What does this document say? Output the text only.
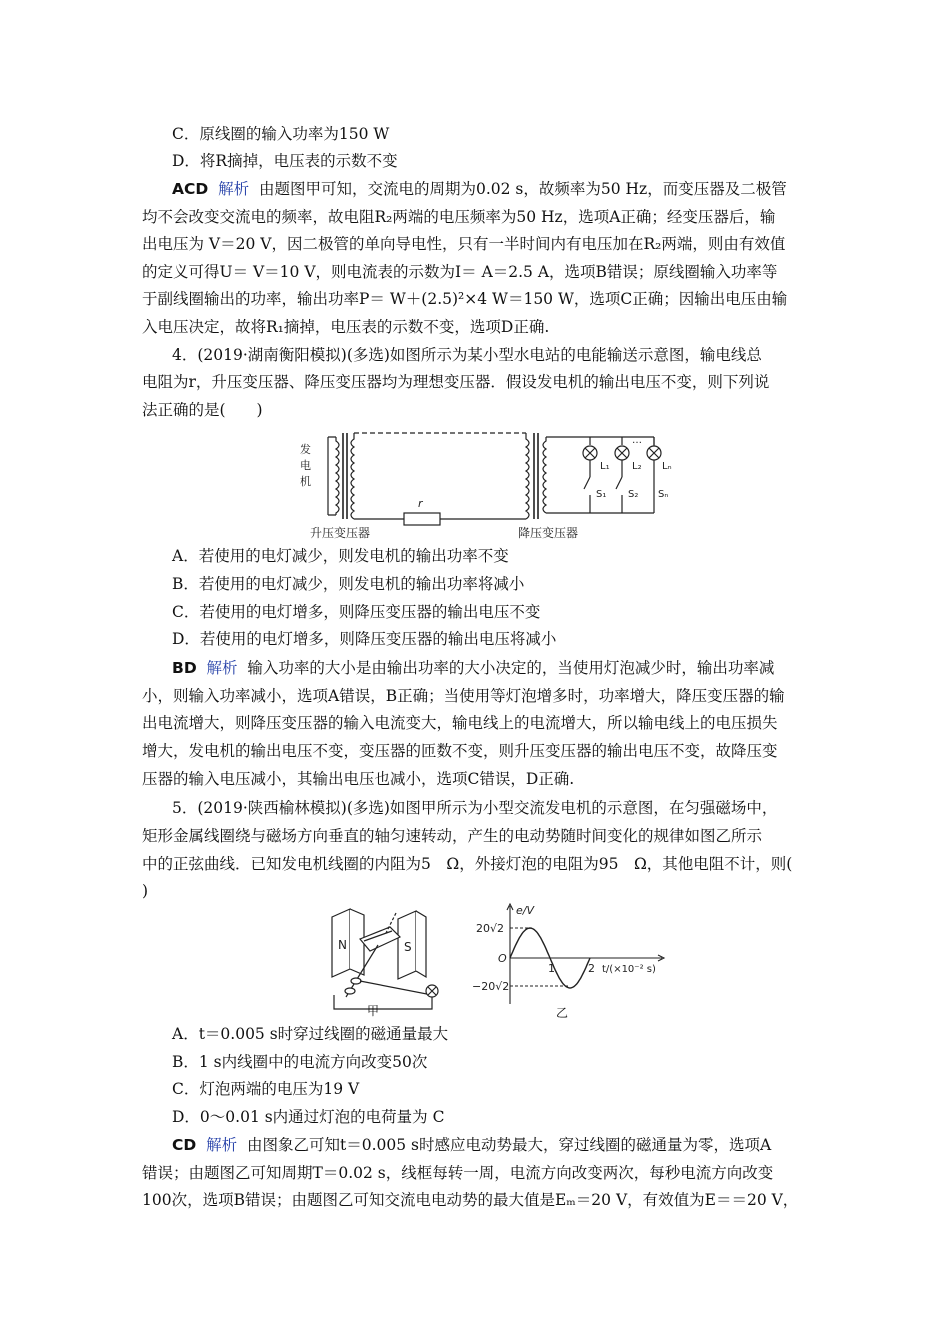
C．原线圈的输入功率为150 W
D．将R摘掉，电压表的示数不变
ACD 解析 由题图甲可知，交流电的周期为0.02 s，故频率为50 Hz，而变压器及二极管
均不会改变交流电的频率，故电阻R₂两端的电压频率为50 Hz，选项A正确；经变压器后，输
出电压为 V＝20 V，因二极管的单向导电性，只有一半时间内有电压加在R₂两端，则由有效值
的定义可得U＝ V＝10 V，则电流表的示数为I＝ A＝2.5 A，选项B错误；原线圈输入功率等
于副线圈输出的功率，输出功率P＝ W＋(2.5)²×4 W＝150 W，选项C正确；因输出电压由输
入电压决定，故将R₁摘掉，电压表的示数不变，选项D正确.
4．(2019·湖南衡阳模拟)(多选)如图所示为某小型水电站的电能输送示意图，输电线总
电阻为r，升压变压器、降压变压器均为理想变压器．假设发电机的输出电压不变，则下列说
法正确的是(　　)
发
电
机
r
升压变压器	降压变压器
L₁ L₂ Lₙ
S₁ S₂ Sₙ
…
A．若使用的电灯减少，则发电机的输出功率不变
B．若使用的电灯减少，则发电机的输出功率将减小
C．若使用的电灯增多，则降压变压器的输出电压不变
D．若使用的电灯增多，则降压变压器的输出电压将减小
BD 解析 输入功率的大小是由输出功率的大小决定的，当使用灯泡减少时，输出功率减
小，则输入功率减小，选项A错误，B正确；当使用等灯泡增多时，功率增大，降压变压器的输
出电流增大，则降压变压器的输入电流变大，输电线上的电流增大，所以输电线上的电压损失
增大，发电机的输出电压不变，变压器的匝数不变，则升压变压器的输出电压不变，故降压变
压器的输入电压减小，其输出电压也减小，选项C错误，D正确.
5．(2019·陕西榆林模拟)(多选)如图甲所示为小型交流发电机的示意图，在匀强磁场中，
矩形金属线圈绕与磁场方向垂直的轴匀速转动，产生的电动势随时间变化的规律如图乙所示
中的正弦曲线．已知发电机线圈的内阻为5　Ω，外接灯泡的电阻为95　Ω，其他电阻不计，则(
)
N	S
甲
e/V
20√2
−20√2
O
1	2 t/(×10⁻² s)
乙
A．t＝0.005 s时穿过线圈的磁通量最大
B．1 s内线圈中的电流方向改变50次
C．灯泡两端的电压为19 V
D．0～0.01 s内通过灯泡的电荷量为 C
CD 解析 由图象乙可知t＝0.005 s时感应电动势最大，穿过线圈的磁通量为零，选项A
错误；由题图乙可知周期T＝0.02 s，线框每转一周，电流方向改变两次，每秒电流方向改变
100次，选项B错误；由题图乙可知交流电电动势的最大值是Eₘ＝20 V，有效值为E＝＝20 V，
